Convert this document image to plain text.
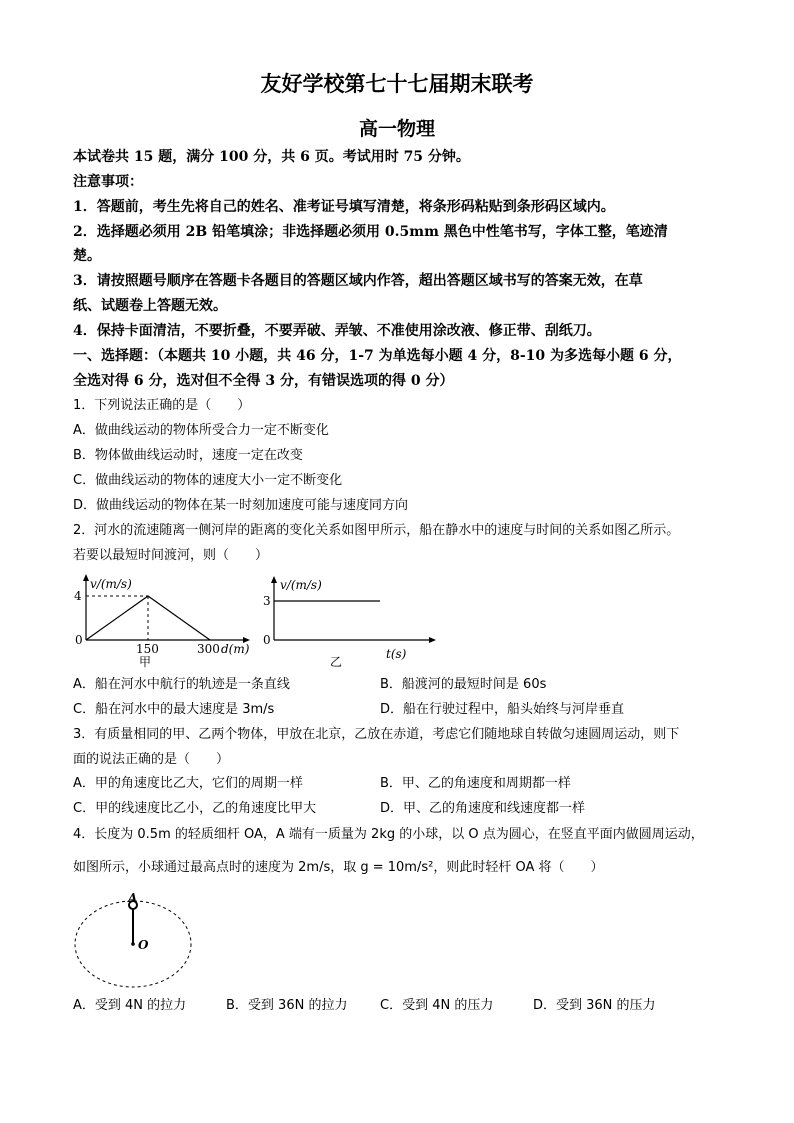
友好学校第七十七届期末联考
高一物理
本试卷共 15 题，满分 100 分，共 6 页。考试用时 75 分钟。
注意事项：
1．答题前，考生先将自己的姓名、准考证号填写清楚，将条形码粘贴到条形码区域内。
2．选择题必须用 2B 铅笔填涂；非选择题必须用 0.5mm 黑色中性笔书写，字体工整，笔迹清
楚。
3．请按照题号顺序在答题卡各题目的答题区域内作答，超出答题区域书写的答案无效，在草
纸、试题卷上答题无效。
4．保持卡面清洁，不要折叠，不要弄破、弄皱、不准使用涂改液、修正带、刮纸刀。
一、选择题：（本题共 10 小题，共 46 分，1-7 为单选每小题 4 分，8-10 为多选每小题 6 分，
全选对得 6 分，选对但不全得 3 分，有错误选项的得 0 分）
1．下列说法正确的是（　　）
A．做曲线运动的物体所受合力一定不断变化
B．物体做曲线运动时，速度一定在改变
C．做曲线运动的物体的速度大小一定不断变化
D．做曲线运动的物体在某一时刻加速度可能与速度同方向
2．河水的流速随离一侧河岸的距离的变化关系如图甲所示，船在静水中的速度与时间的关系如图乙所示。
若要以最短时间渡河，则（　　）
v/(m/s)
4
0
150	300 d(m)
甲
v/(m/s)
3
0
乙
t(s)
A．船在河水中航行的轨迹是一条直线	B．船渡河的最短时间是 60s
C．船在河水中的最大速度是 3m/s	D．船在行驶过程中，船头始终与河岸垂直
3．有质量相同的甲、乙两个物体，甲放在北京，乙放在赤道，考虑它们随地球自转做匀速圆周运动，则下
面的说法正确的是（　　）
A．甲的角速度比乙大，它们的周期一样	B．甲、乙的角速度和周期都一样
C．甲的线速度比乙小，乙的角速度比甲大	D．甲、乙的角速度和线速度都一样
4．长度为 0.5m 的轻质细杆 OA，A 端有一质量为 2kg 的小球，以 O 点为圆心，在竖直平面内做圆周运动，
如图所示，小球通过最高点时的速度为 2m/s，取 g = 10m/s²，则此时轻杆 OA 将（　　）
A
O
A．受到 4N 的拉力	B．受到 36N 的拉力	C．受到 4N 的压力	D．受到 36N 的压力
